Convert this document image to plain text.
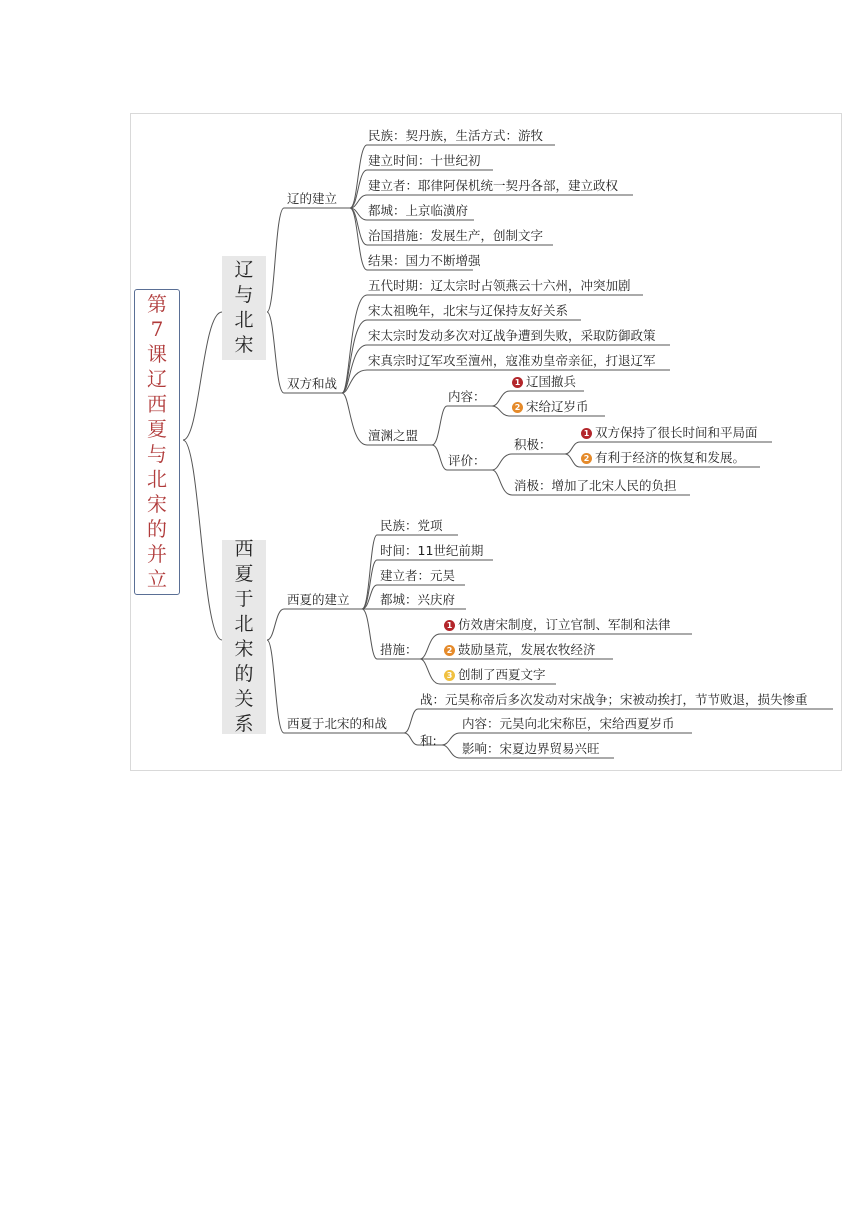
第
7
课
辽
西
夏
与
北
宋
的
并
立
辽
与
北
宋
西
夏
于
北
宋
的
关
系
辽的建立
民族：契丹族，生活方式：游牧
建立时间：十世纪初
建立者：耶律阿保机统一契丹各部，建立政权
都城：上京临潢府
治国措施：发展生产，创制文字
结果：国力不断增强
双方和战
五代时期：辽太宗时占领燕云十六州，冲突加剧
宋太祖晚年，北宋与辽保持友好关系
宋太宗时发动多次对辽战争遭到失败，采取防御政策
宋真宗时辽军攻至澶州，寇准劝皇帝亲征，打退辽军
澶渊之盟
内容：
1 辽国撤兵
2 宋给辽岁币
评价：
积极：
1 双方保持了很长时间和平局面
2 有利于经济的恢复和发展。
消极：增加了北宋人民的负担
西夏的建立
民族：党项
时间：11世纪前期
建立者：元昊
都城：兴庆府
措施：
1 仿效唐宋制度，订立官制、军制和法律
2 鼓励垦荒，发展农牧经济
3 创制了西夏文字
西夏于北宋的和战
战：元昊称帝后多次发动对宋战争；宋被动挨打，节节败退，损失惨重
和:
内容：元昊向北宋称臣，宋给西夏岁币
影响：宋夏边界贸易兴旺
